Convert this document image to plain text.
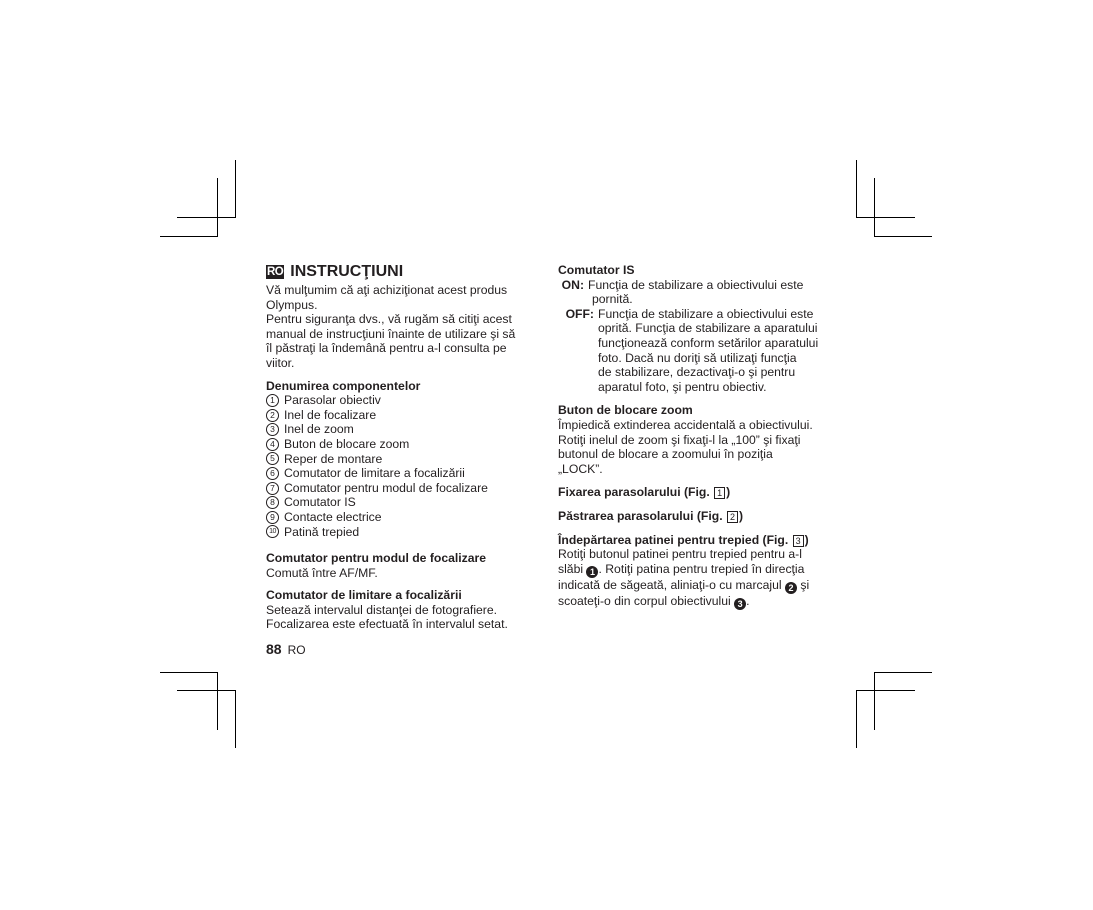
RO INSTRUCŢIUNI
Vă mulţumim că aţi achiziţionat acest produs
Olympus.
Pentru siguranţa dvs., vă rugăm să citiţi acest
manual de instrucţiuni înainte de utilizare şi să
îl păstraţi la îndemână pentru a-l consulta pe
viitor.
Denumirea componentelor
1 Parasolar obiectiv
2 Inel de focalizare
3 Inel de zoom
4 Buton de blocare zoom
5 Reper de montare
6 Comutator de limitare a focalizării
7 Comutator pentru modul de focalizare
8 Comutator IS
9 Contacte electrice
10 Patină trepied
Comutator pentru modul de focalizare
Comută între AF/MF.
Comutator de limitare a focalizării
Setează intervalul distanţei de fotografiere.
Focalizarea este efectuată în intervalul setat.
Comutator IS
ON: Funcţia de stabilizare a obiectivului este
pornită.
OFF: Funcţia de stabilizare a obiectivului este
oprită. Funcţia de stabilizare a aparatului
funcţionează conform setărilor aparatului
foto. Dacă nu doriţi să utilizaţi funcţia
de stabilizare, dezactivaţi-o şi pentru
aparatul foto, şi pentru obiectiv.
Buton de blocare zoom
Împiedică extinderea accidentală a obiectivului.
Rotiţi inelul de zoom şi fixaţi-l la „100” şi fixaţi
butonul de blocare a zoomului în poziţia
„LOCK”.
Fixarea parasolarului (Fig. 1 )
Păstrarea parasolarului (Fig. 2 )
Îndepărtarea patinei pentru trepied (Fig. 3 )
Rotiţi butonul patinei pentru trepied pentru a-l
slăbi 1 . Rotiţi patina pentru trepied în direcţia
indicată de săgeată, aliniaţi-o cu marcajul 2 şi
scoateţi-o din corpul obiectivului 3 .
88 RO
